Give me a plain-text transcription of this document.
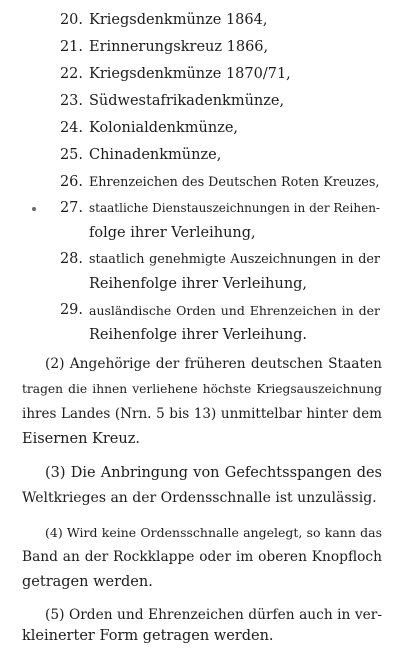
20. Kriegsdenkmünze 1864,
21. Erinnerungskreuz 1866,
22. Kriegsdenkmünze 1870/71,
23. Südwestafrikadenkmünze,
24. Kolonialdenkmünze,
25. Chinadenkmünze,
26. Ehrenzeichen des Deutschen Roten Kreuzes,
27. staatliche Dienstauszeichnungen in der Reihen-
folge ihrer Verleihung,
28. staatlich genehmigte Auszeichnungen in der
Reihenfolge ihrer Verleihung,
29. ausländische Orden und Ehrenzeichen in der
Reihenfolge ihrer Verleihung.
(2) Angehörige der früheren deutschen Staaten
tragen die ihnen verliehene höchste Kriegsauszeichnung
ihres Landes (Nrn. 5 bis 13) unmittelbar hinter dem
Eisernen Kreuz.
(3) Die Anbringung von Gefechtsspangen des
Weltkrieges an der Ordensschnalle ist unzulässig.
(4) Wird keine Ordensschnalle angelegt, so kann das
Band an der Rockklappe oder im oberen Knopfloch
getragen werden.
(5) Orden und Ehrenzeichen dürfen auch in ver-
kleinerter Form getragen werden.
